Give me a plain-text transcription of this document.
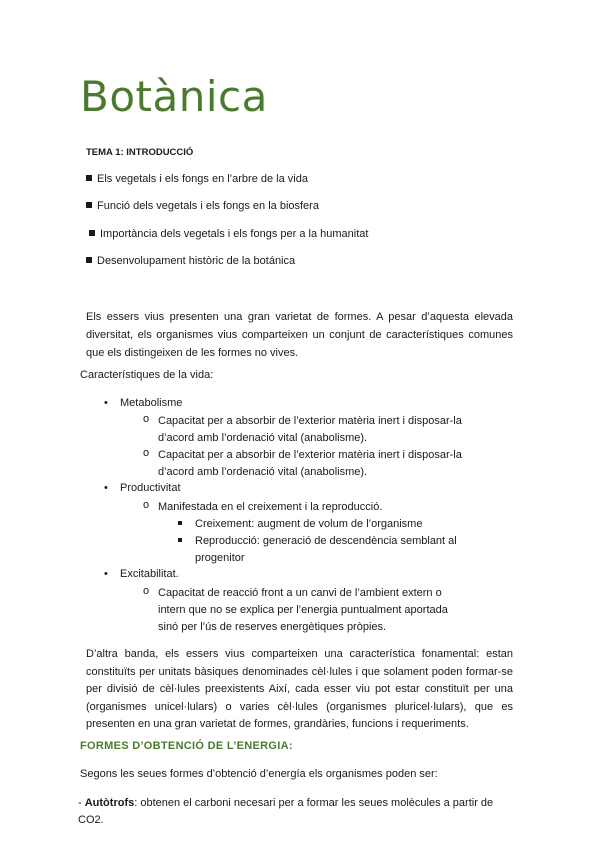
Botànica
TEMA 1: INTRODUCCIÓ
Els vegetals i els fongs en l’arbre de la vida
Funció dels vegetals i els fongs en la biosfera
Importància dels vegetals i els fongs per a la humanitat
Desenvolupament històric de la botánica

Els essers vius presenten una gran varietat de formes. A pesar d’aquesta elevada diversitat, els organismes vius comparteixen un conjunt de característiques comunes que els distingeixen de les formes no vives.

Característiques de la vida:
• Metabolisme
o Capacitat per a absorbir de l’exterior matèria inert i disposar-la d’acord amb l’ordenació vital (anabolisme).
o Capacitat per a absorbir de l’exterior matèria inert i disposar-la d’acord amb l’ordenació vital (anabolisme).
• Productivitat
o Manifestada en el creixement i la reproducció.
Creixement: augment de volum de l’organisme
Reproducció: generació de descendència semblant al progenitor
• Excitabilitat.
o Capacitat de reacció front a un canvi de l’ambient extern o intern que no se explica per l’energia puntualment aportada sinó per l’ús de reserves energètiques pròpies.

D’altra banda, els essers vius comparteixen una característica fonamental: estan constituïts per unitats bàsiques denominades cèl·lules i que solament poden formar-se per divisió de cèl·lules preexistents Així, cada esser viu pot estar constituït per una (organismes unicel·lulars) o varies cèl·lules (organismes pluricel·lulars), que es presenten en una gran varietat de formes, grandàries, funcions i requeriments.

FORMES D’OBTENCIÓ DE L’ENERGIA:
Segons les seues formes d’obtenció d’energía els organismes poden ser:
- Autòtrofs: obtenen el carboni necesari per a formar les seues molècules a partir de CO2.
